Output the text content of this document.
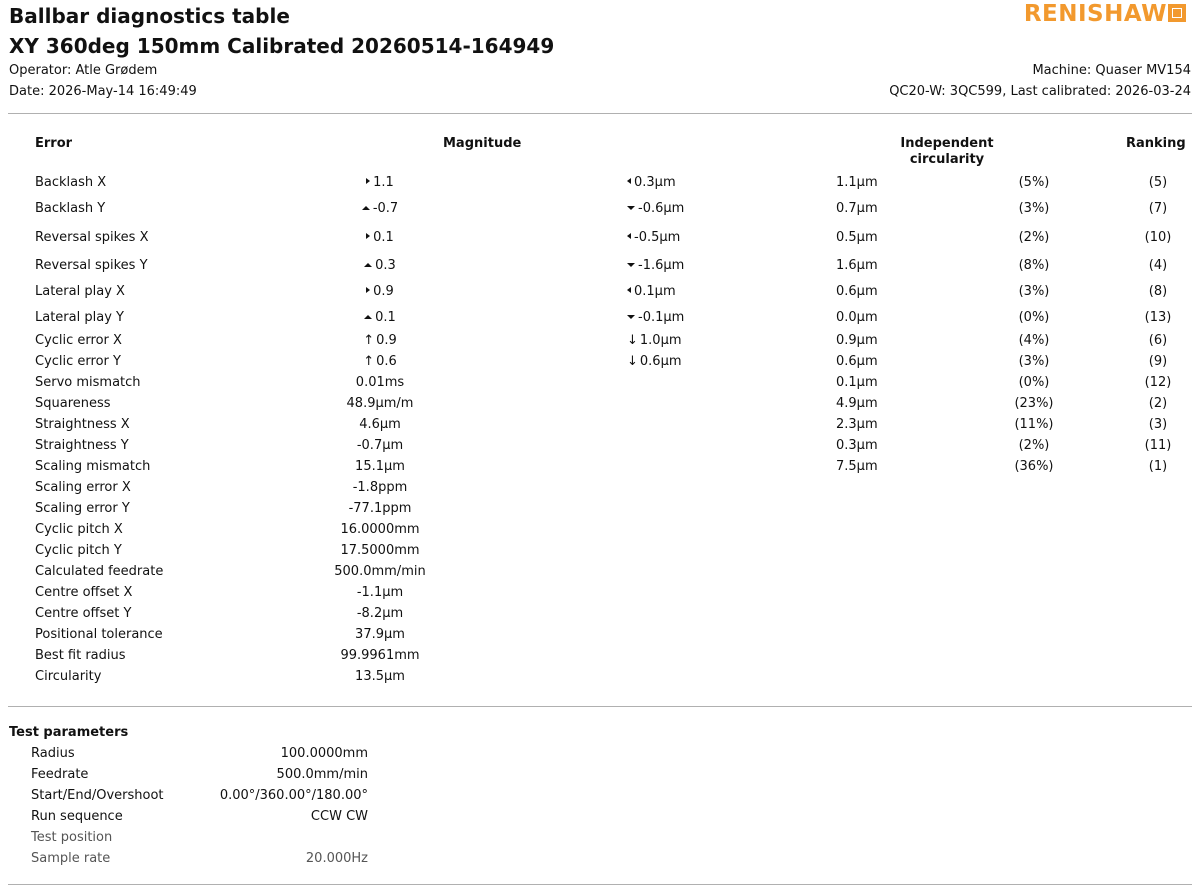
Ballbar diagnostics table
XY 360deg 150mm Calibrated 20260514-164949
Operator: Atle Grødem
Date: 2026-May-14 16:49:49
RENISHAW
Machine: Quaser MV154
QC20-W: 3QC599, Last calibrated: 2026-03-24
Error	Magnitude	Independent
circularity
Ranking
Backlash X	1.1	0.3µm	1.1µm	(5%)	(5)
Backlash Y	-0.7	-0.6µm	0.7µm	(3%)	(7)
Reversal spikes X	0.1	-0.5µm	0.5µm	(2%)	(10)
Reversal spikes Y	0.3	-1.6µm	1.6µm	(8%)	(4)
Lateral play X	0.9	0.1µm	0.6µm	(3%)	(8)
Lateral play Y	0.1	-0.1µm	0.0µm	(0%)	(13)
Cyclic error X	↑ 0.9	↓ 1.0µm	0.9µm	(4%)	(6)
Cyclic error Y	↑ 0.6	↓ 0.6µm	0.6µm	(3%)	(9)
Servo mismatch	0.01ms	0.1µm	(0%)	(12)
Squareness	48.9µm/m	4.9µm	(23%)	(2)
Straightness X	4.6µm	2.3µm	(11%)	(3)
Straightness Y	-0.7µm	0.3µm	(2%)	(11)
Scaling mismatch	15.1µm	7.5µm	(36%)	(1)
Scaling error X	-1.8ppm
Scaling error Y	-77.1ppm
Cyclic pitch X	16.0000mm
Cyclic pitch Y	17.5000mm
Calculated feedrate	500.0mm/min
Centre offset X	-1.1µm
Centre offset Y	-8.2µm
Positional tolerance	37.9µm
Best fit radius	99.9961mm
Circularity	13.5µm
Test parameters
Radius	100.0000mm
Feedrate	500.0mm/min
Start/End/Overshoot	0.00°/360.00°/180.00°
Run sequence	CCW CW
Test position
Sample rate	20.000Hz
